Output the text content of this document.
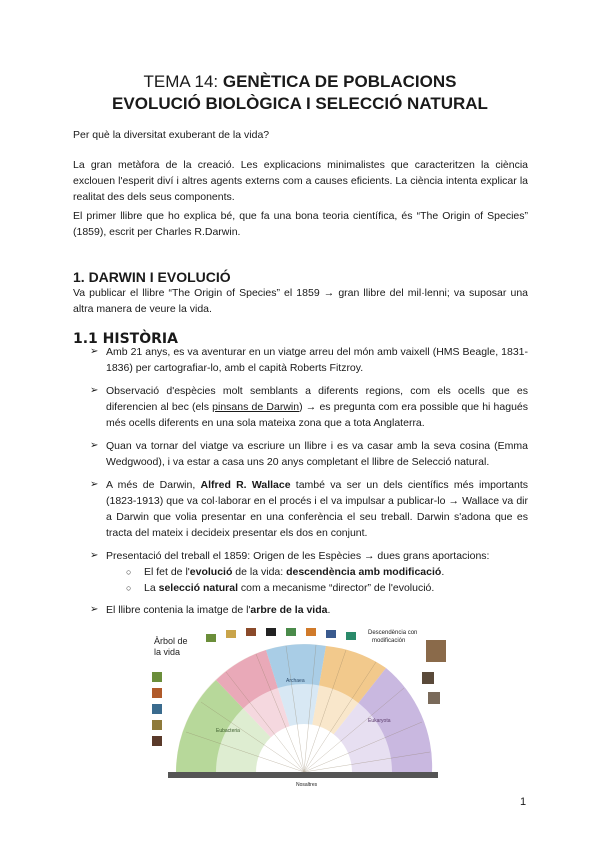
TEMA 14: GENÈTICA DE POBLACIONS
EVOLUCIÓ BIOLÒGICA I SELECCIÓ NATURAL

Per què la diversitat exuberant de la vida?

La gran metàfora de la creació. Les explicacions minimalistes que caracteritzen la ciència exclouen l'esperit diví i altres agents externs com a causes eficients. La ciència intenta explicar la realitat des dels seus components.

El primer llibre que ho explica bé, que fa una bona teoria científica, és “The Origin of Species” (1859), escrit per Charles R.Darwin.

1. DARWIN I EVOLUCIÓ

Va publicar el llibre “The Origin of Species” el 1859 → gran llibre del mil·lenni; va suposar una altra manera de veure la vida.

1.1 HISTÒRIA
➢ Amb 21 anys, es va aventurar en un viatge arreu del món amb vaixell (HMS Beagle, 1831-1836) per cartografiar-lo, amb el capità Roberts Fitzroy.
➢ Observació d'espècies molt semblants a diferents regions, com els ocells que es diferencien al bec (els pinsans de Darwin) → es pregunta com era possible que hi hagués més ocells diferents en una sola mateixa zona que a tota Anglaterra.
➢ Quan va tornar del viatge va escriure un llibre i es va casar amb la seva cosina (Emma Wedgwood), i va estar a casa uns 20 anys completant el llibre de Selecció natural.
➢ A més de Darwin, Alfred R. Wallace també va ser un dels científics més importants (1823-1913) que va col·laborar en el procés i el va impulsar a publicar-lo → Wallace va dir a Darwin que volia presentar en una conferència el seu treball. Darwin s'adona que es tracta del mateix i decideix presentar els dos en conjunt.
➢ Presentació del treball el 1859: Origen de les Espècies → dues grans aportacions:
○ El fet de l'evolució de la vida: descendència amb modificació.
○ La selecció natural com a mecanisme “director” de l'evolució.
➢ El llibre contenia la imatge de l'arbre de la vida.
Àrbol de
la vida
Descendència con
modificación
Eubacteria
Archaea
Eukaryota
Nosaltres
1
